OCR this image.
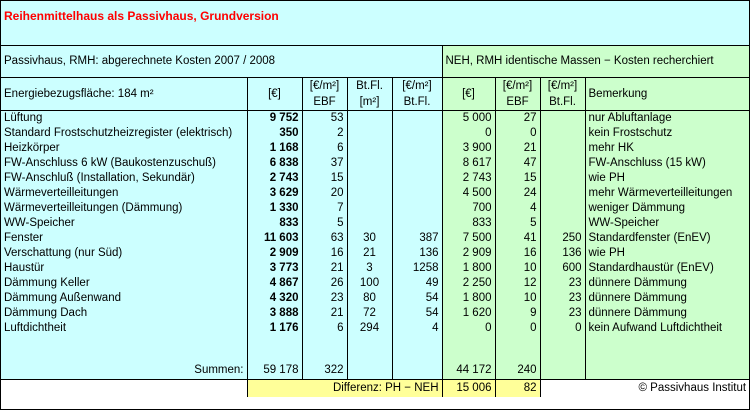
Reihenmittelhaus als Passivhaus, Grundversion								
Passivhaus, RMH: abgerechnete Kosten 2007 / 2008					NEH, RMH identische Massen − Kosten recherchiert			
Energiebezugsfläche: 184 m²	[€]	[€/m²]	Bt.Fl.	[€/m²]	[€]	[€/m²]	[€/m²]	Bemerkung
		EBF	[m²]	Bt.Fl.		EBF	Bt.Fl.	
Lüftung	9 752	53			5 000	27		nur Abluftanlage
Standard Frostschutzheizregister (elektrisch)	350	2			0	0		kein Frostschutz
Heizkörper	1 168	6			3 900	21		mehr HK
FW-Anschluss 6 kW (Baukostenzuschuß)	6 838	37			8 617	47		FW-Anschluss (15 kW)
FW-Anschluß (Installation, Sekundär)	2 743	15			2 743	15		wie PH
Wärmeverteilleitungen	3 629	20			4 500	24		mehr Wärmeverteilleitungen
Wärmeverteilleitungen (Dämmung)	1 330	7			700	4		weniger Dämmung
WW-Speicher	833	5			833	5		WW-Speicher
Fenster	11 603	63	30	387	7 500	41	250	Standardfenster (EnEV)
Verschattung (nur Süd)	2 909	16	21	136	2 909	16	136	wie PH
Haustür	3 773	21	3	1258	1 800	10	600	Standardhaustür (EnEV)
Dämmung Keller	4 867	26	100	49	2 250	12	23	dünnere Dämmung
Dämmung Außenwand	4 320	23	80	54	1 800	10	23	dünnere Dämmung
Dämmung Dach	3 888	21	72	54	1 620	9	23	dünnere Dämmung
Luftdichtheit	1 176	6	294	4	0	0	0	kein Aufwand Luftdichtheit

Summen:	59 178	322			44 172	240		
	Differenz: PH − NEH				15 006	82	© Passivhaus Institut	
